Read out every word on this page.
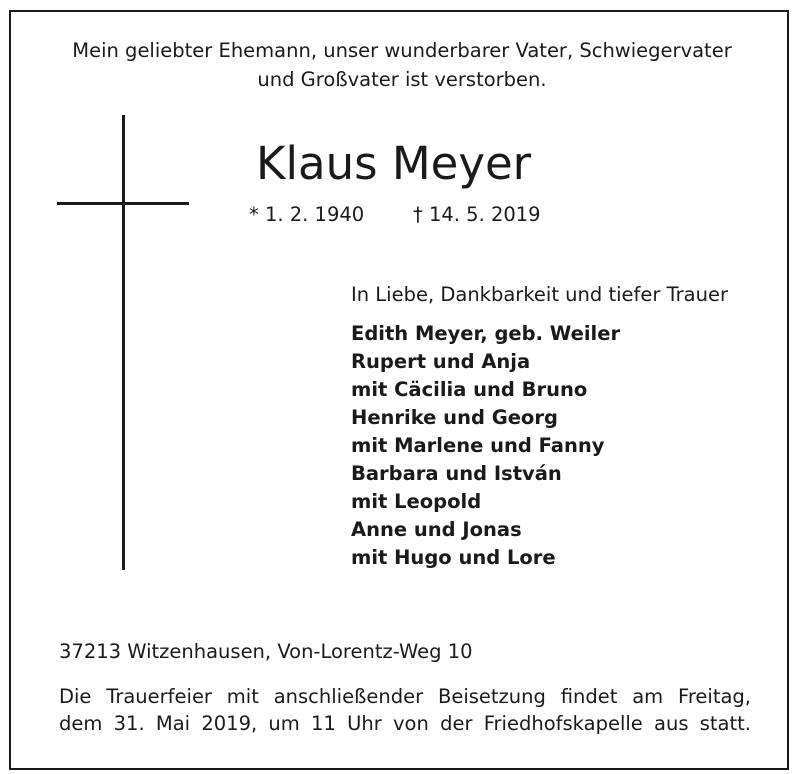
Mein geliebter Ehemann, unser wunderbarer Vater, Schwiegervater
und Großvater ist verstorben.
Klaus Meyer
* 1. 2. 1940	† 14. 5. 2019
In Liebe, Dankbarkeit und tiefer Trauer
Edith Meyer, geb. Weiler
Rupert und Anja
mit Cäcilia und Bruno
Henrike und Georg
mit Marlene und Fanny
Barbara und István
mit Leopold
Anne und Jonas
mit Hugo und Lore
37213 Witzenhausen, Von-Lorentz-Weg 10
Die Trauerfeier mit anschließender Beisetzung findet am Freitag,
dem 31. Mai 2019, um 11 Uhr von der Friedhofskapelle aus statt.
